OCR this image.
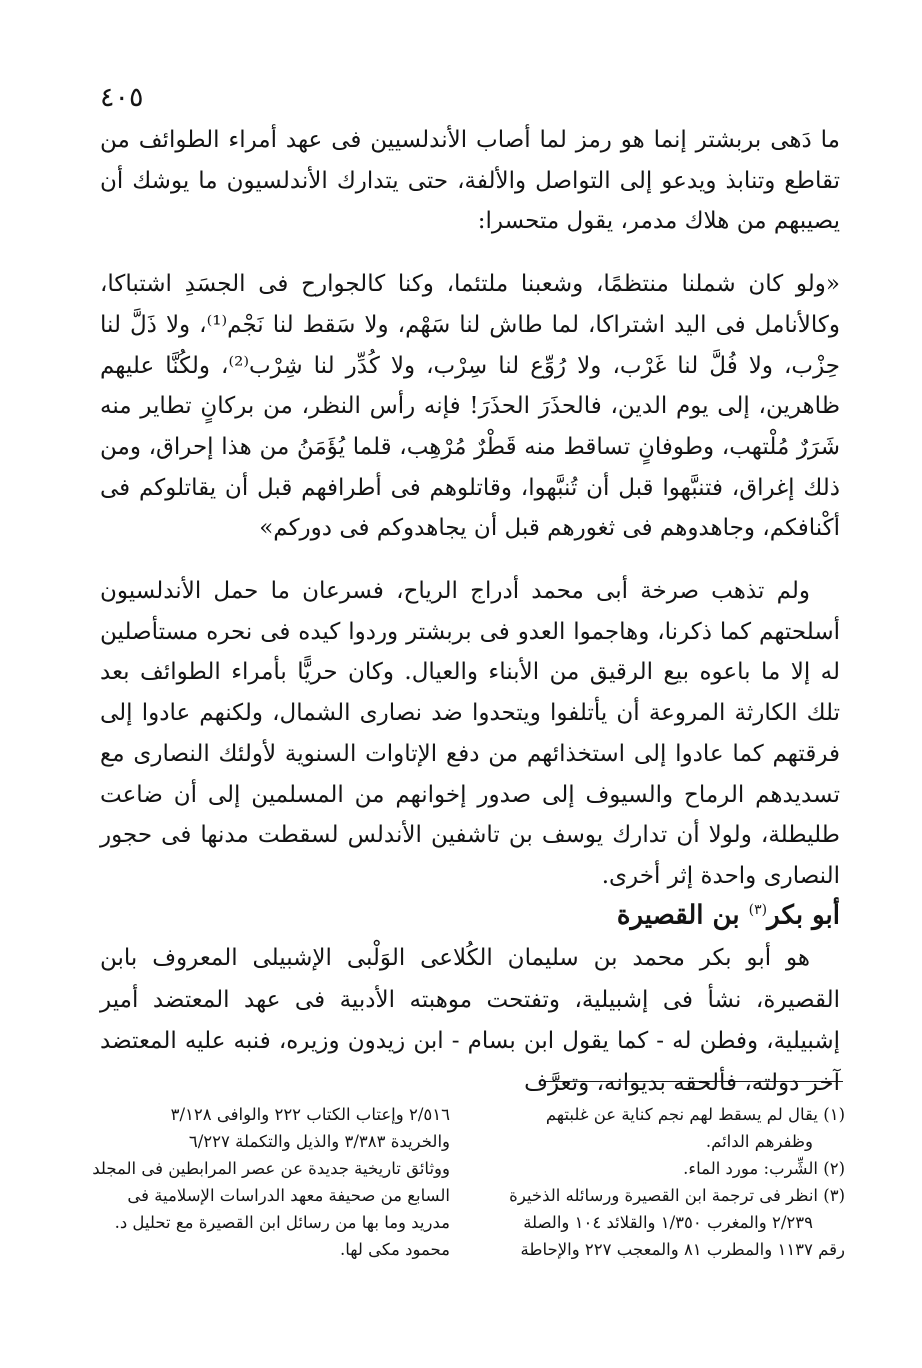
٤٠٥

ما دَهى بربشتر إنما هو رمز لما أصاب الأندلسيين فى عهد أمراء الطوائف من تقاطع وتنابذ ويدعو إلى التواصل والألفة، حتى يتدارك الأندلسيون ما يوشك أن يصيبهم من هلاك مدمر، يقول متحسرا:

«ولو كان شملنا منتظمًا، وشعبنا ملتئما، وكنا كالجوارح فى الجسَدِ اشتباكا، وكالأنامل فى اليد اشتراكا، لما طاش لنا سَهْم، ولا سَقط لنا نَجْم⁽¹⁾، ولا ذَلَّ لنا حِزْب، ولا فُلَّ لنا غَرْب، ولا رُوِّع لنا سِرْب، ولا كُدِّر لنا شِرْب⁽²⁾، ولكُنَّا عليهم ظاهرين، إلى يوم الدين، فالحذَرَ الحذَرَ! فإنه رأس النظر، من بركانٍ تطاير منه شَرَرٌ مُلْتهب، وطوفانٍ تساقط منه قَطْرٌ مُرْهِب، قلما يُؤَمَنُ من هذا إحراق، ومن ذلك إغراق، فتنبَّهوا قبل أن تُنبَّهوا، وقاتلوهم فى أطرافهم قبل أن يقاتلوكم فى أكْنافكم، وجاهدوهم فى ثغورهم قبل أن يجاهدوكم فى دوركم»

ولم تذهب صرخة أبى محمد أدراج الرياح، فسرعان ما حمل الأندلسيون أسلحتهم كما ذكرنا، وهاجموا العدو فى بربشتر وردوا كيده فى نحره مستأصلين له إلا ما باعوه بيع الرقيق من الأبناء والعيال. وكان حريًّا بأمراء الطوائف بعد تلك الكارثة المروعة أن يأتلفوا ويتحدوا ضد نصارى الشمال، ولكنهم عادوا إلى فرقتهم كما عادوا إلى استخذائهم من دفع الإتاوات السنوية لأولئك النصارى مع تسديدهم الرماح والسيوف إلى صدور إخوانهم من المسلمين إلى أن ضاعت طليطلة، ولولا أن تدارك يوسف بن تاشفين الأندلس لسقطت مدنها فى حجور النصارى واحدة إثر أخرى.

أبو بكر$^{(٣)}$ بن القصيرة

هو أبو بكر محمد بن سليمان الكُلاعى الوَلْبى الإشبيلى المعروف بابن القصيرة، نشأ فى إشبيلية، وتفتحت موهبته الأدبية فى عهد المعتضد أمير إشبيلية، وفطن له - كما يقول ابن بسام - ابن زيدون وزيره، فنبه عليه المعتضد آخر دولته، فألحقه بديوانه، وتعرَّف

(١) يقال لم يسقط لهم نجم كناية عن غلبتهم
وظفرهم الدائم.
(٢) الشِّرب: مورد الماء.
(٣) انظر فى ترجمة ابن القصيرة ورسائله الذخيرة
٢/٢٣٩ والمغرب ١/٣٥٠ والقلائد ١٠٤ والصلة
رقم ١١٣٧ والمطرب ٨١ والمعجب ٢٢٧ والإحاطة
٢/٥١٦ وإعتاب الكتاب ٢٢٢ والوافى ٣/١٢٨
والخريدة ٣/٣٨٣ والذيل والتكملة ٦/٢٢٧
ووثائق تاريخية جديدة عن عصر المرابطين فى المجلد
السابع من صحيفة معهد الدراسات الإسلامية فى
مدريد وما بها من رسائل ابن القصيرة مع تحليل د.
محمود مكى لها.
